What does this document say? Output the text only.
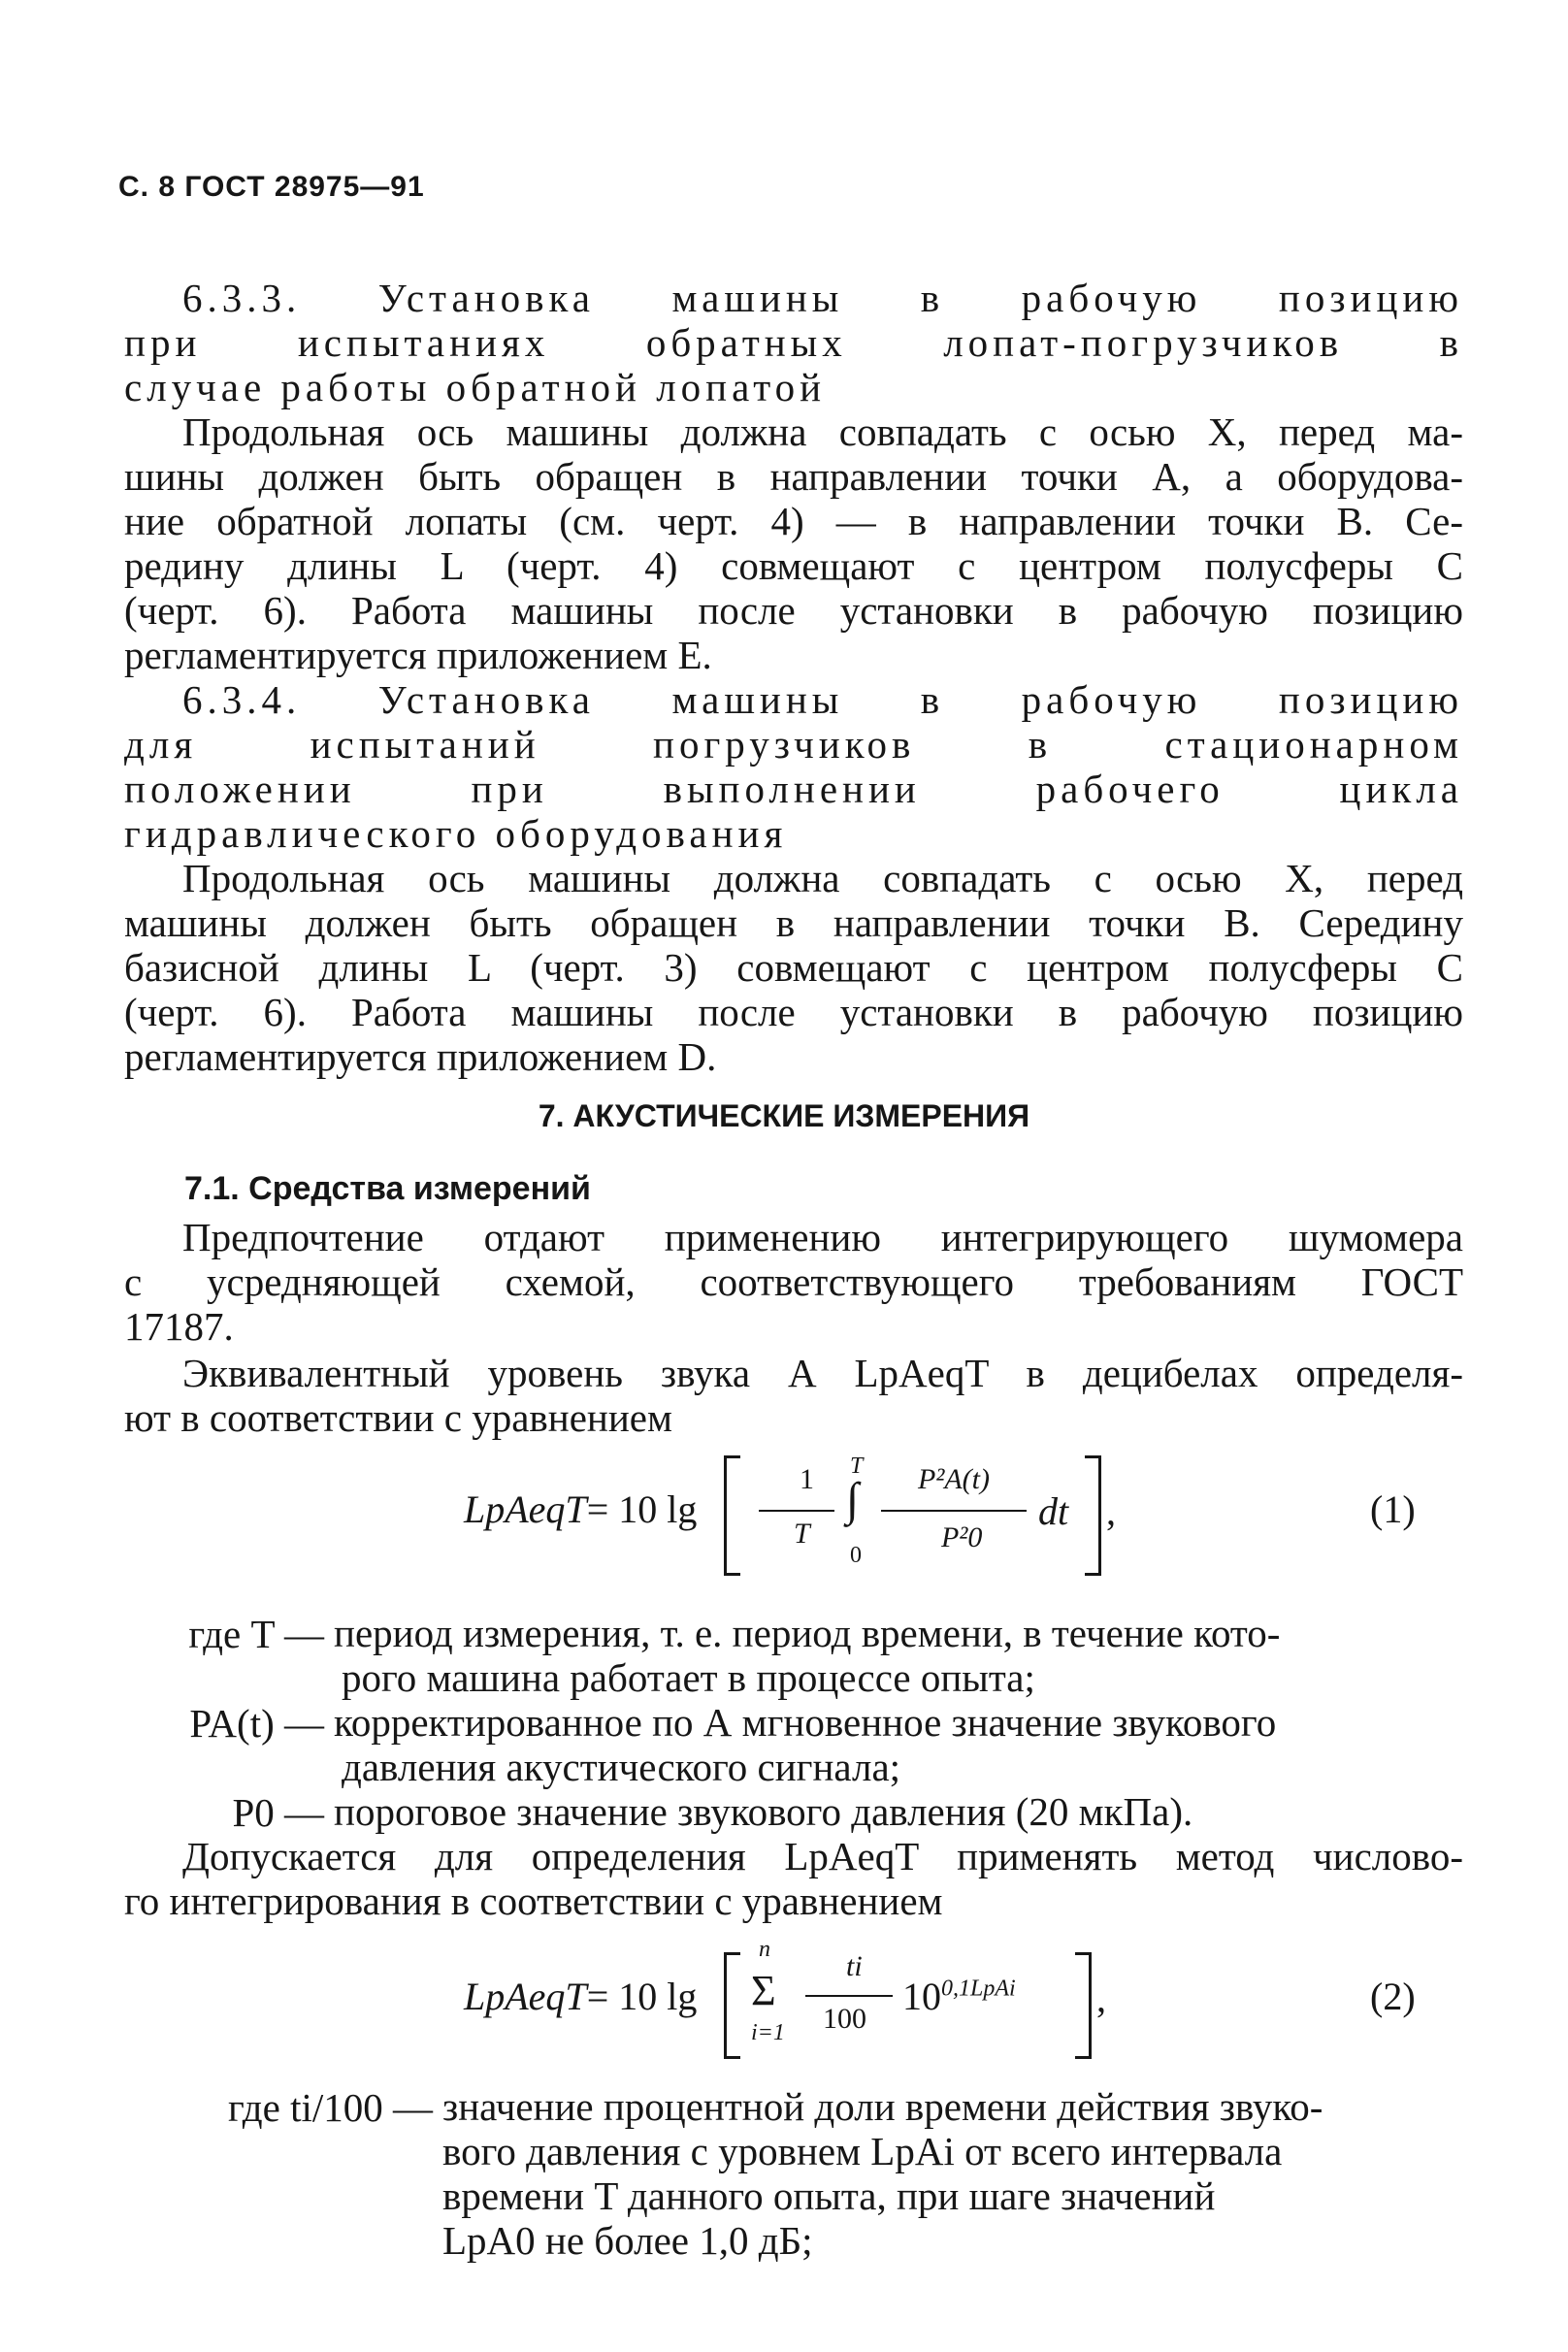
С. 8 ГОСТ 28975—91
6.3.3. Установка машины в рабочую позицию
при испытаниях обратных лопат-погрузчиков в
случае работы обратной лопатой
Продольная ось машины должна совпадать с осью X, перед ма-
шины должен быть обращен в направлении точки A, а оборудова-
ние обратной лопаты (см. черт. 4) — в направлении точки B. Се-
редину длины L (черт. 4) совмещают с центром полусферы C
(черт. 6). Работа машины после установки в рабочую позицию
регламентируется приложением E.
6.3.4. Установка машины в рабочую позицию
для испытаний погрузчиков в стационарном
положении при выполнении рабочего цикла
гидравлического оборудования
Продольная ось машины должна совпадать с осью X, перед
машины должен быть обращен в направлении точки B. Середину
базисной длины L (черт. 3) совмещают с центром полусферы C
(черт. 6). Работа машины после установки в рабочую позицию
регламентируется приложением D.
7. АКУСТИЧЕСКИЕ ИЗМЕРЕНИЯ
7.1. Средства измерений
Предпочтение отдают применению интегрирующего шумомера
с усредняющей схемой, соответствующего требованиям ГОСТ
17187.
Эквивалентный уровень звука А LpAeqT в децибелах определя-
ют в соответствии с уравнением
LpAeqT= 10 lg
1
T
T
∫
0
P²A(t)
P²0
dt ,	(1)
где T — период измерения, т. е. период времени, в течение кото-
рого машина работает в процессе опыта;
PA(t) — корректированное по А мгновенное значение звукового
давления акустического сигнала;
P0 — пороговое значение звукового давления (20 мкПа).
Допускается для определения LpAeqT применять метод числово-
го интегрирования в соответствии с уравнением
LpAeqT= 10 lg
n
Σ
i=1
ti
100
$10^{0,1LpAi}$ ,	(2)
где ti/100 — значение процентной доли времени действия звуко-
вого давления с уровнем LpAi от всего интервала
времени T данного опыта, при шаге значений
LpA0 не более 1,0 дБ;
